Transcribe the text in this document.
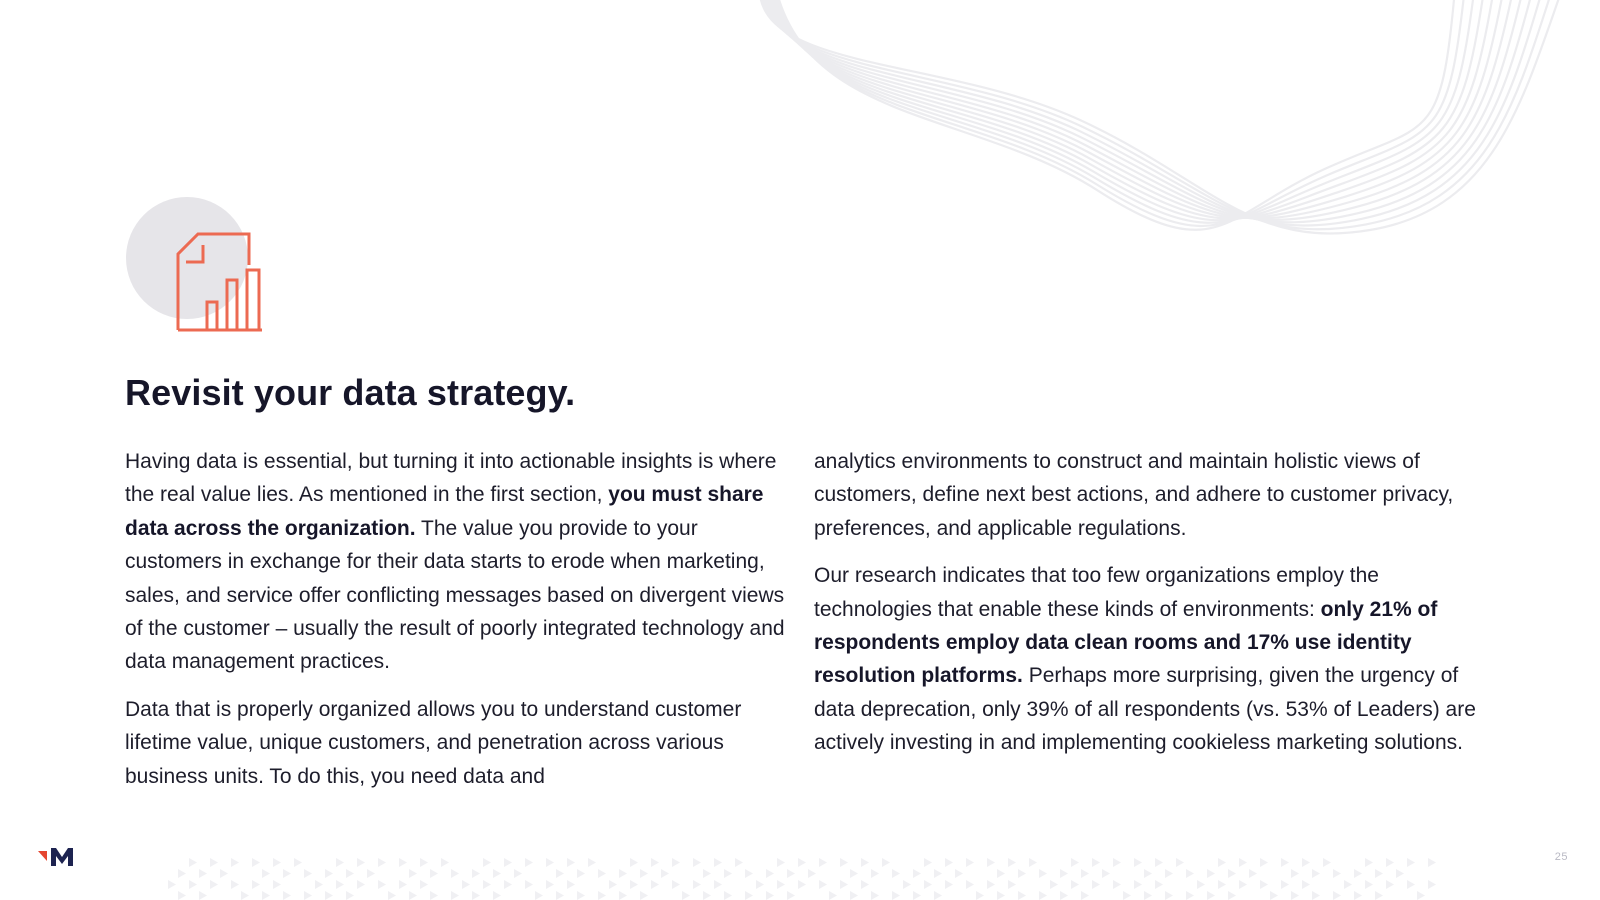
Revisit your data strategy.

Having data is essential, but turning it into actionable insights is where the real value lies. As mentioned in the first section, you must share data across the organization. The value you provide to your customers in exchange for their data starts to erode when marketing, sales, and service offer conflicting messages based on divergent views of the customer – usually the result of poorly integrated technology and data management practices.

Data that is properly organized allows you to understand customer lifetime value, unique customers, and penetration across various business units. To do this, you need data and

analytics environments to construct and maintain holistic views of customers, define next best actions, and adhere to customer privacy, preferences, and applicable regulations.

Our research indicates that too few organizations employ the technologies that enable these kinds of environments: only 21% of respondents employ data clean rooms and 17% use identity resolution platforms. Perhaps more surprising, given the urgency of data deprecation, only 39% of all respondents (vs. 53% of Leaders) are actively investing in and implementing cookieless marketing solutions.

25
